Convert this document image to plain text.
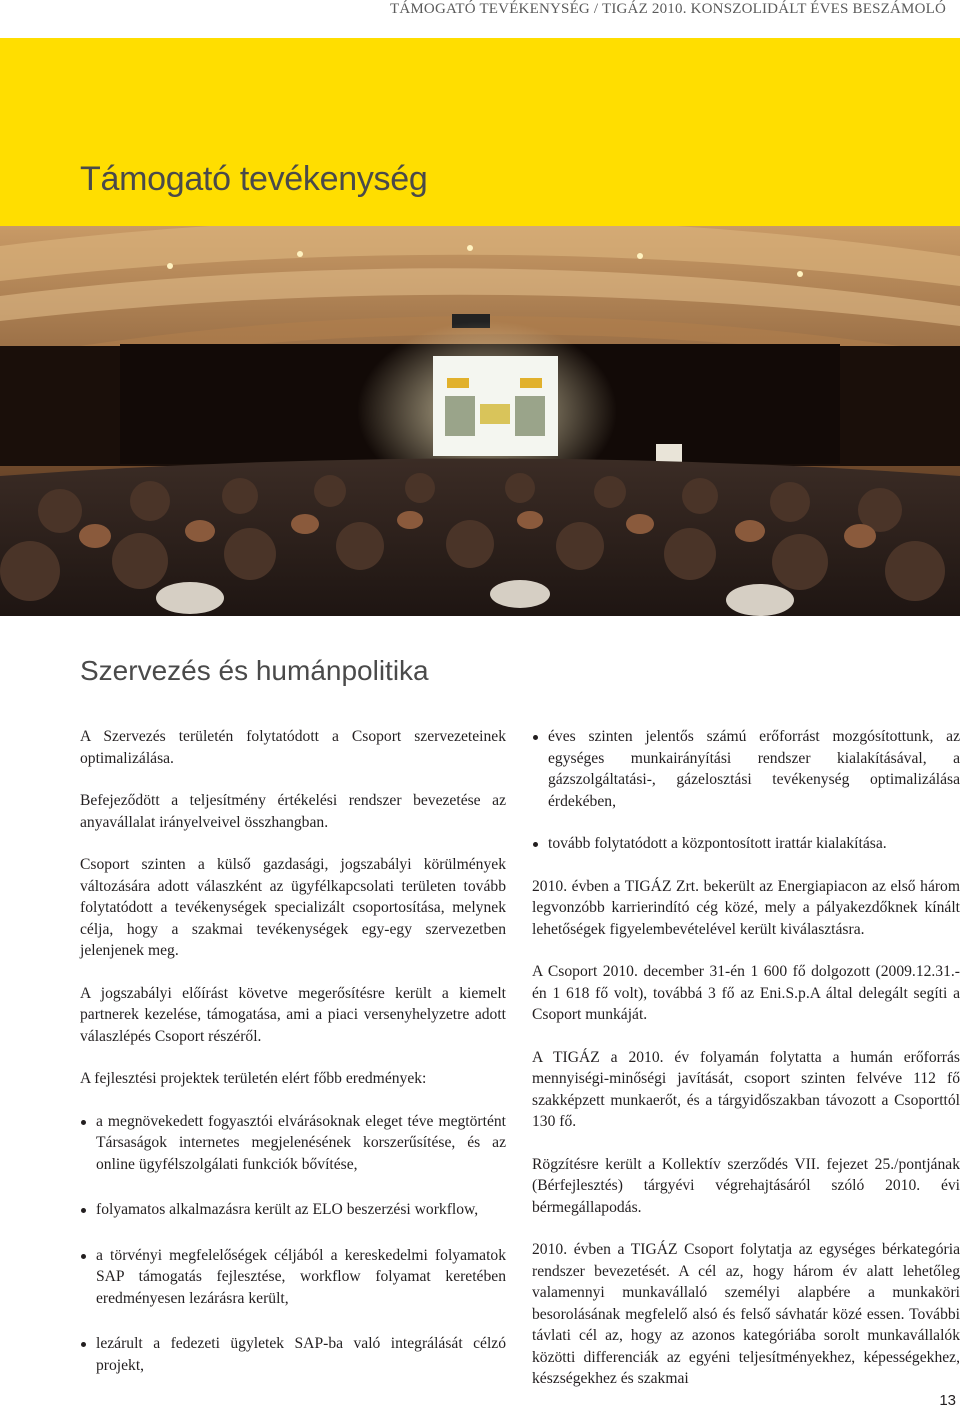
TÁMOGATÓ TEVÉKENYSÉG / TIGÁZ 2010. KONSZOLIDÁLT ÉVES BESZÁMOLÓ
Támogató tevékenység
Szervezés és humánpolitika

A Szervezés területén folytatódott a Csoport szervezeteinek optimalizálása.

Befejeződött a teljesítmény értékelési rendszer bevezetése az anyavállalat irányelveivel összhangban.

Csoport szinten a külső gazdasági, jogszabályi körülmények változására adott válaszként az ügyfélkapcsolati területen tovább folytatódott a tevékenységek specializált csoportosítása, melynek célja, hogy a szakmai tevékenységek egy-egy szervezetben jelenjenek meg.

A jogszabályi előírást követve megerősítésre került a kiemelt partnerek kezelése, támogatása, ami a piaci versenyhelyzetre adott válaszlépés Csoport részéről.

A fejlesztési projektek területén elért főbb eredmények:

a megnövekedett fogyasztói elvárásoknak eleget téve megtörtént Társaságok internetes megjelenésének korszerűsítése, és az online ügyfélszolgálati funkciók bővítése,
folyamatos alkalmazásra került az ELO beszerzési workflow,
a törvényi megfelelőségek céljából a kereskedelmi folyamatok SAP támogatás fejlesztése, workflow folyamat keretében eredményesen lezárásra került,
lezárult a fedezeti ügyletek SAP-ba való integrálását célzó projekt,
éves szinten jelentős számú erőforrást mozgósítottunk, az egységes munkairányítási rendszer kialakításával, a gázszolgáltatási-, gázelosztási tevékenység optimalizálása érdekében,
tovább folytatódott a központosított irattár kialakítása.

2010. évben a TIGÁZ Zrt. bekerült az Energiapiacon az első három legvonzóbb karrierindító cég közé, mely a pályakezdőknek kínált lehetőségek figyelembevételével került kiválasztásra.

A Csoport 2010. december 31-én 1 600 fő dolgozott (2009.12.31.-én 1 618 fő volt), továbbá 3 fő az Eni.S.p.A által delegált segíti a Csoport munkáját.

A TIGÁZ a 2010. év folyamán folytatta a humán erőforrás mennyiségi-minőségi javítását, csoport szinten felvéve 112 fő szakképzett munkaerőt, és a tárgyidőszakban távozott a Csoporttól 130 fő.

Rögzítésre került a Kollektív szerződés VII. fejezet 25./pontjának (Bérfejlesztés) tárgyévi végrehajtásáról szóló 2010. évi bérmegállapodás.

2010. évben a TIGÁZ Csoport folytatja az egységes bérkategória rendszer bevezetését. A cél az, hogy három év alatt lehetőleg valamennyi munkavállaló személyi alapbére a munkaköri besorolásának megfelelő alsó és felső sávhatár közé essen. További távlati cél az, hogy az azonos kategóriába sorolt munkavállalók közötti differenciák az egyéni teljesítményekhez, képességekhez, készségekhez és szakmai

13
